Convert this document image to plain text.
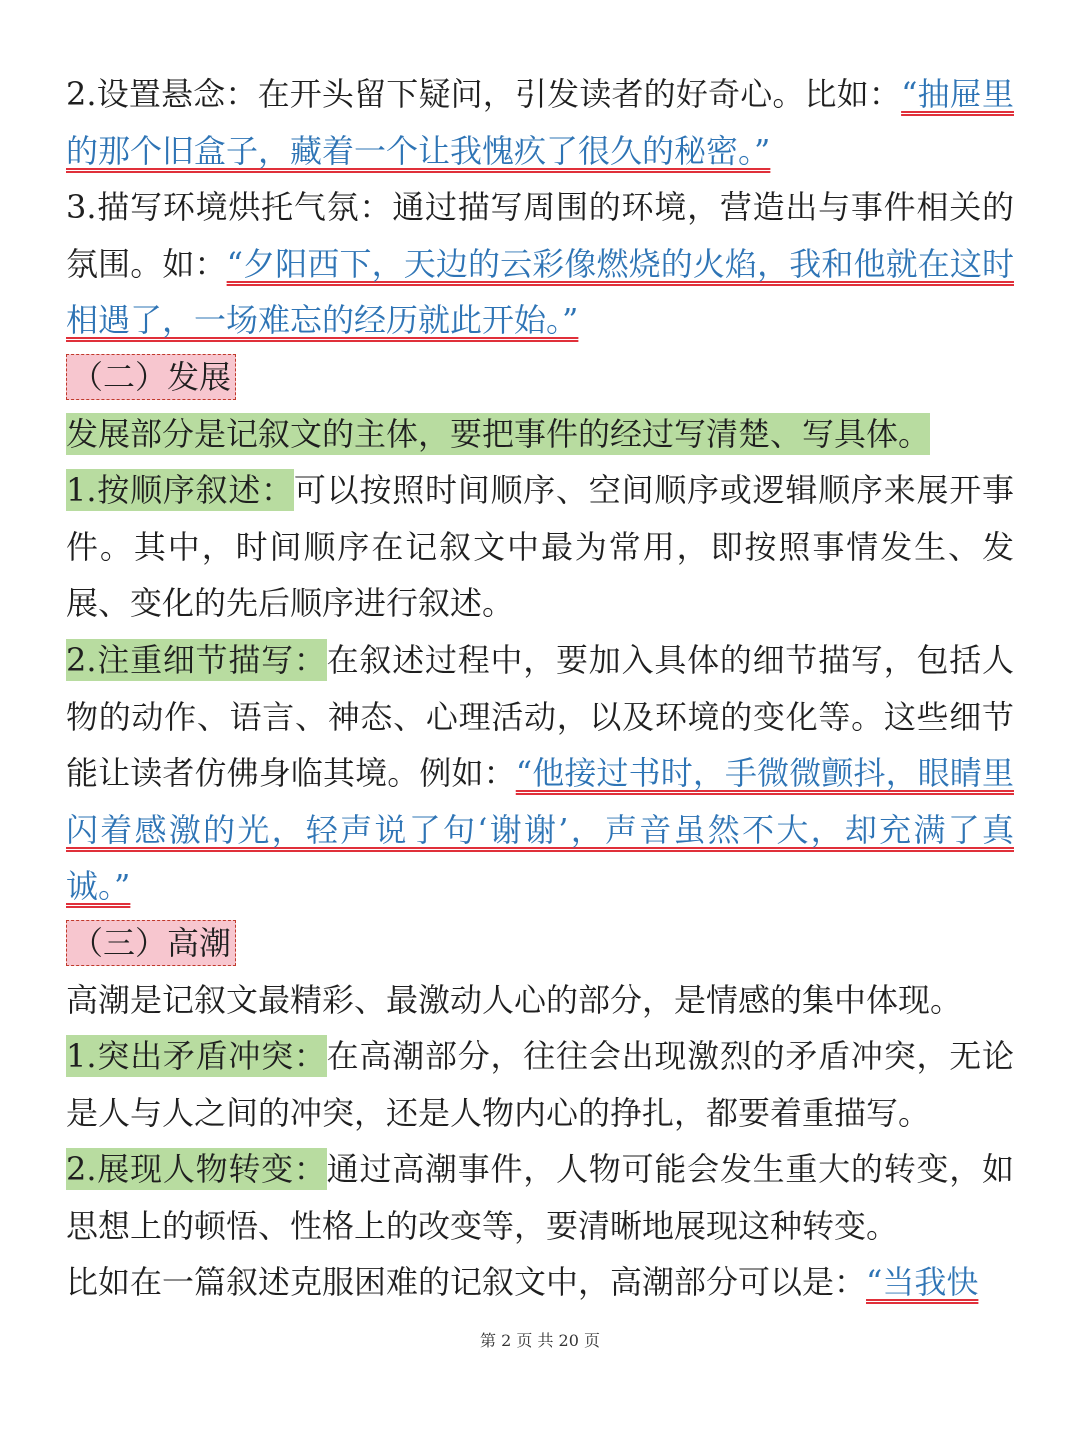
2.设置悬念：在开头留下疑问，引发读者的好奇心。比如：“抽屉里的那个旧盒子，藏着一个让我愧疚了很久的秘密。”

3.描写环境烘托气氛：通过描写周围的环境，营造出与事件相关的氛围。如：“夕阳西下，天边的云彩像燃烧的火焰，我和他就在这时相遇了，一场难忘的经历就此开始。”

（二）发展

发展部分是记叙文的主体，要把事件的经过写清楚、写具体。

1.按顺序叙述：可以按照时间顺序、空间顺序或逻辑顺序来展开事件。其中，时间顺序在记叙文中最为常用，即按照事情发生、发展、变化的先后顺序进行叙述。

2.注重细节描写：在叙述过程中，要加入具体的细节描写，包括人物的动作、语言、神态、心理活动，以及环境的变化等。这些细节能让读者仿佛身临其境。例如：“他接过书时，手微微颤抖，眼睛里闪着感激的光，轻声说了句‘谢谢’，声音虽然不大，却充满了真诚。”

（三）高潮

高潮是记叙文最精彩、最激动人心的部分，是情感的集中体现。

1.突出矛盾冲突：在高潮部分，往往会出现激烈的矛盾冲突，无论是人与人之间的冲突，还是人物内心的挣扎，都要着重描写。

2.展现人物转变：通过高潮事件，人物可能会发生重大的转变，如思想上的顿悟、性格上的改变等，要清晰地展现这种转变。

比如在一篇叙述克服困难的记叙文中，高潮部分可以是：“当我快

第 2 页 共 20 页
